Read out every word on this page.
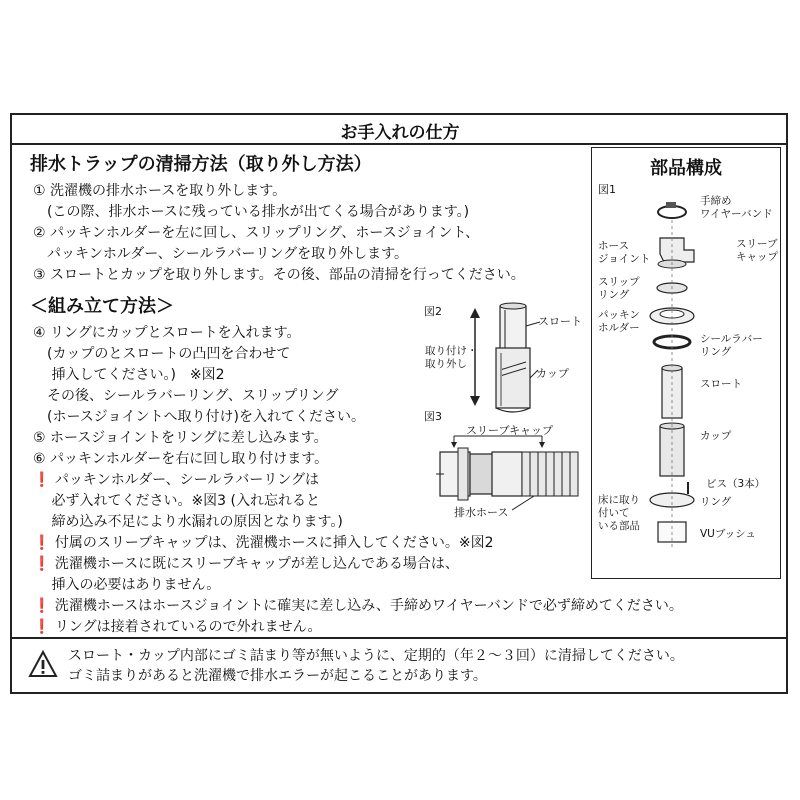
お手入れの仕方
排水トラップの清掃方法（取り外し方法）
① 洗濯機の排水ホースを取り外します。
　(この際、排水ホースに残っている排水が出てくる場合があります。)
② パッキンホルダーを左に回し、スリップリング、ホースジョイント、
　パッキンホルダー、シールラバーリングを取り外します。
③ スロートとカップを取り外します。その後、部品の清掃を行ってください。
＜組み立て方法＞
④ リングにカップとスロートを入れます。
　(カップのとスロートの凸凹を合わせて
　 挿入してください。)　※図2
　その後、シールラバーリング、スリップリング
　(ホースジョイントへ取り付け)を入れてください。
⑤ ホースジョイントをリングに差し込みます。
⑥ パッキンホルダーを右に回し取り付けます。
❗ パッキンホルダー、シールラバーリングは
　 必ず入れてください。※図3 (入れ忘れると
　 締め込み不足により水漏れの原因となります。)
❗ 付属のスリーブキャップは、洗濯機ホースに挿入してください。※図2
❗ 洗濯機ホースに既にスリーブキャップが差し込んである場合は、
　 挿入の必要はありません。
❗ 洗濯機ホースはホースジョイントに確実に差し込み、手締めワイヤーバンドで必ず締めてください。
❗ リングは接着されているので外れません。
図2
スロート
カップ
取り付け・
取り外し
図3
スリーブキャップ
排水ホース
部品構成
図1
手締め
ワイヤーバンド
ホース
ジョイント
スリーブ
キャップ
スリップ
リング
パッキン
ホルダー
シールラバー
リング
スロート
カップ
ビス（3本）
リング
床に取り
付いて
いる部品
VUブッシュ
スロート・カップ内部にゴミ詰まり等が無いように、定期的（年２～３回）に清掃してください。
ゴミ詰まりがあると洗濯機で排水エラーが起こることがあります。
